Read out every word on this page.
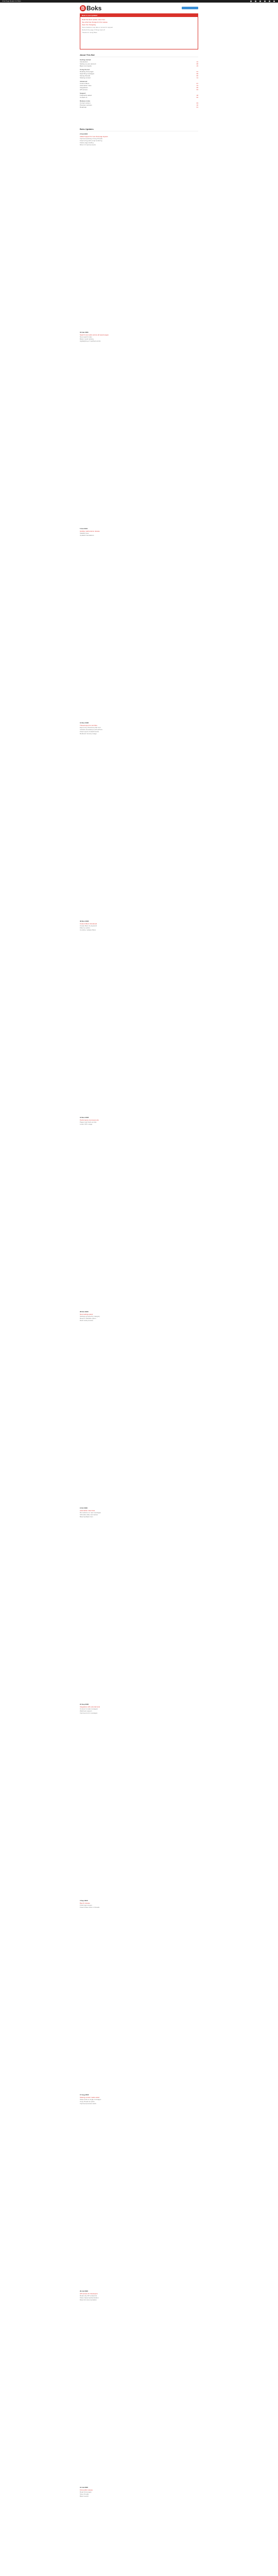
Chat Page Reader for Boks
B Boks
Boks is now updated
Read the latest update notes here
See what has changed in this release
Open the changelog
Some features may take a moment to appear
Refresh the page if things look off
Thanks for using Boks
About This Bot
Getting started
Introduction	12
Setting up your account	08
Basic commands	15
Using the bot
Reading chat pages	21
Searching messages	09
Saving threads	06
Sharing content	11
Advanced
Custom filters	07
Automation rules	13
Integrations	05
API access	04
Support
Frequently asked	18
Contact us	02
Release notes
Current version	03
Previous versions	16
Roadmap	01
Boks Updates
2 Feb 2021
Added support for new chat page layouts
Improved parsing of long threads
Fixed a bug with emoji rendering
Faster page loading
Minor UI improvements
18 Jan 2021
Search now works across all saved pages
New search index
Better result ranking
Highlighting of matched words
5 Jan 2021
Holiday maintenance release
Stability fixes
Updated translations
14 Dec 2020
Thread export to text files
Export any thread as plain text
Includes timestamps and authors
Fixed export of attachments
Reduced memory usage
30 Nov 2020
Custom filters introduced
Create filters by keyword
Filter by author
Combine multiple filters
12 Nov 2020
Performance improvements
Pages load twice as fast
Lower CPU usage
28 Oct 2020
New settings panel
Settings grouped by category
Reset to defaults option
Dark mode preview
9 Oct 2020
Automation rules beta
Run actions on new messages
Schedule daily summaries
Beta feedback form
21 Sep 2020
Integration with external tools
Connect to task managers
Webhook support
Improved error messages
3 Sep 2020
Bug fix release
Fixed login issues
Fixed broken links in threads
17 Aug 2020
Sharing content made easier
Share links to single messages
Copy thread as quote
Improved preview cards
29 Jul 2020
API access for developers
Read-only API endpoints
Token based authentication
Rate limit documentation
10 Jul 2020
First public release
Read chat pages
Save threads
Basic search
